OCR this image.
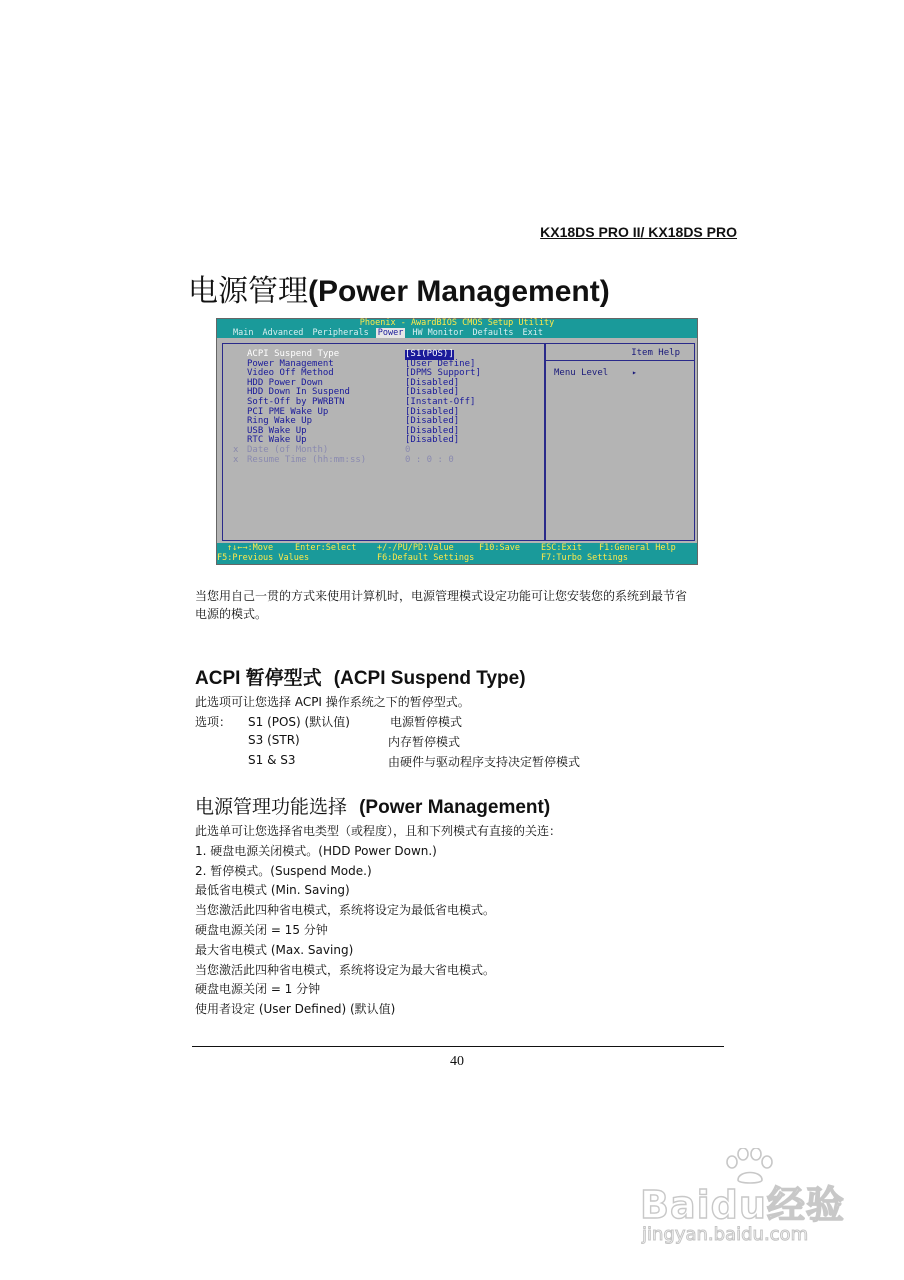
KX18DS PRO II/ KX18DS PRO
电源管理(Power Management)
Phoenix - AwardBIOS CMOS Setup Utility
Main Advanced Peripherals Power HW Monitor Defaults Exit
ACPI Suspend Type	[S1(POS)]
Power Management	[User Define]
Video Off Method	[DPMS Support]
HDD Power Down	[Disabled]
HDD Down In Suspend	[Disabled]
Soft-Off by PWRBTN	[Instant-Off]
PCI PME Wake Up	[Disabled]
Ring Wake Up	[Disabled]
USB Wake Up	[Disabled]
RTC Wake Up	[Disabled]
x Date (of Month)	0
x Resume Time (hh:mm:ss)	0 : 0 : 0
Item Help
Menu Level	▸
↑↓←→:Move	Enter:Select +/-/PU/PD:Value	F10:Save ESC:Exit F1:General Help
F5:Previous Values	F6:Default Settings	F7:Turbo Settings
当您用自己一贯的方式来使用计算机时，电源管理模式设定功能可让您安装您的系统到最节省
电源的模式。
ACPI 暂停型式 (ACPI Suspend Type)
此选项可让您选择 ACPI 操作系统之下的暂停型式。
选项： S1 (POS) (默认值)	电源暂停模式
S3 (STR)	内存暂停模式
S1 & S3	由硬件与驱动程序支持决定暂停模式
电源管理功能选择 (Power Management)
此选单可让您选择省电类型（或程度），且和下列模式有直接的关连：
1. 硬盘电源关闭模式。(HDD Power Down.)
2. 暂停模式。(Suspend Mode.)
最低省电模式 (Min. Saving)
当您激活此四种省电模式，系统将设定为最低省电模式。
硬盘电源关闭 = 15 分钟
最大省电模式 (Max. Saving)
当您激活此四种省电模式，系统将设定为最大省电模式。
硬盘电源关闭 = 1 分钟
使用者设定 (User Defined) (默认值)
40
Baidu经验
jingyan.baidu.com
